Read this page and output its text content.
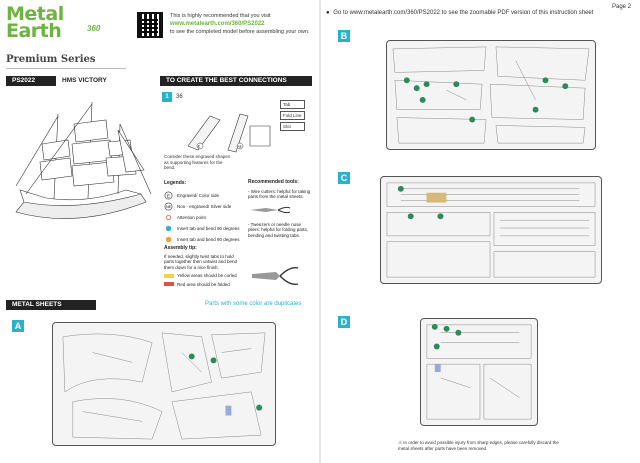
Metal
Earth	360
Premium Series
This is highly recommended that you visit
www.metalearth.com/360/PS2022
to see the completed model before assembling your own.
PS2022	HMS VICTORY	TO CREATE THE BEST CONNECTIONS
1	36
E	NE
Tab
Fold Line
Slot
Consider these engraved shapes as supporting features for the bend.
Legends:
E Engraved/ Color side
NE Non - engraved/ Silver side
Attention point
Insert tab and bend 90 degrees
Insert tab and bend 90 degrees
Recommended tools:

- Wire cutters: helpful for taking parts from the metal sheets.

- Tweezers or needle nose pliers: helpful for folding parts, bending and twisting tabs.

Assembly tip:
If needed, slightly twist tabs to hold parts together then untwist and bend them down for a nice finish.
Yellow areas should be curled
Red area should be folded
METAL SHEETS	Parts with some color are duplicates
A
● Go to www.metalearth.com/360/PS2022 to see the zoomable PDF version of this instruction sheet
Page 2
B
C
D
⚠ In order to avoid possible injury from sharp edges, please carefully discard the metal sheets after parts have been removed.
